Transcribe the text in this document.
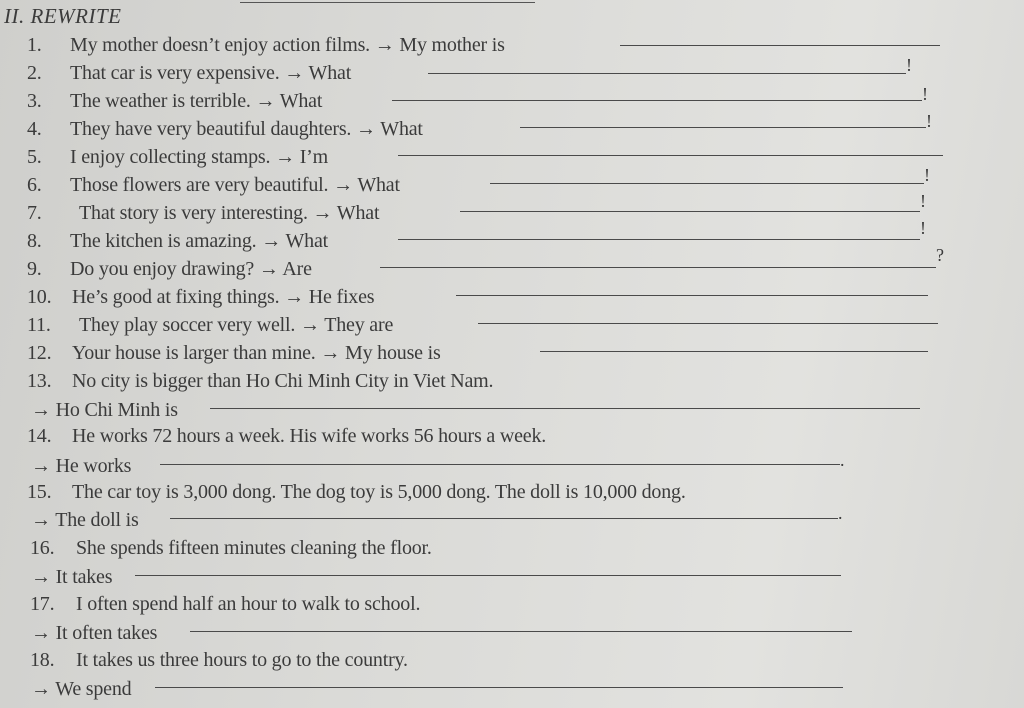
II. REWRITE
1. My mother doesn’t enjoy action films. → My mother is
2. That car is very expensive. → What	!
3. The weather is terrible. → What	!
4. They have very beautiful daughters. → What	!
5. I enjoy collecting stamps. → I’m
6. Those flowers are very beautiful. → What	!
7. That story is very interesting. → What
!
8. The kitchen is amazing. → What
!
9. Do you enjoy drawing? → Are
?
10. He’s good at fixing things. → He fixes
11. They play soccer very well. → They are
12. Your house is larger than mine. → My house is
13. No city is bigger than Ho Chi Minh City in Viet Nam.
→ Ho Chi Minh is
14. He works 72 hours a week. His wife works 56 hours a week.
→ He works	.
15. The car toy is 3,000 dong. The dog toy is 5,000 dong. The doll is 10,000 dong.
→ The doll is	.
16. She spends fifteen minutes cleaning the floor.
→ It takes
17. I often spend half an hour to walk to school.
→ It often takes
18. It takes us three hours to go to the country.
→ We spend
